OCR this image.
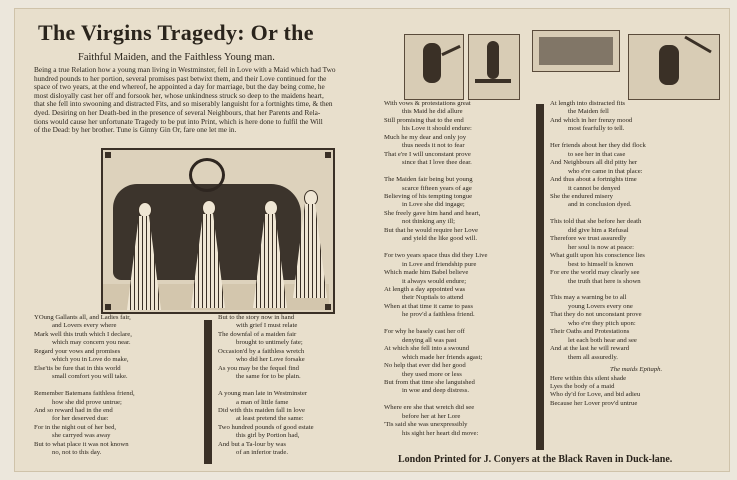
The Virgins Tragedy: Or the
Faithful Maiden, and the Faithless Young man.
Being a true Relation how a young man living in Westminster, fell in Love with a Maid which had Two
hundred pounds to her portion, several promises past betwixt them, and their Love continued for the
space of two years, at the end whereof, he appointed a day for marriage, but the day being come, he
most disloyally cast her off and forsook her, whose unkindness struck so deep to the maidens heart,
that she fell into swooning and distracted Fits, and so miserably languisht for a fortnights time, & then
dyed. Desiring on her Death-bed in the presence of several Neighbours, that her Parents and Rela-
tions would cause her unfortunate Tragedy to be put into Print, which is here done to fulfil the Will
of the Dead: by her brother. Tune is Ginny Gin Or, fare one let me in.
YOung Gallants all, and Ladies fair,
and Lovers every where
Mark well this truth which I declare,
which may concern you near.
Regard your vows and promises
which you in Love do make,
Else'tis be fure that in this world
small comfort you will take.

Remember Batemans faithless friend,
how she did prove untrue;
And so reward had in the end
for her deserved due:
For in the night out of her bed,
she carryed was away
But to what place it was not known
no, not to this day.
But to the story now in hand
with grief I must relate
The downfal of a maiden fair
brought to untimely fate;
Occasion'd by a faithless wretch
who did her Love forsake
As you may be the fequel find
the same for to be plain.

A young man late in Westminster
a man of little fame
Did with this maiden fall in love
at least pretend the same:
Two hundred pounds of good estate
this girl by Portion had,
And but a Ta-lour by was
of an inferior trade.
With vows & protestations great
this Maid he did allure
Still promising that to the end
his Love it should endure:
Much he my dear and only joy
thus needs it not to fear
That e're I will unconstant prove
since that I love thee dear.

The Maiden fair being but young
scarce fifteen years of age
Believing of his tempting tongue
in Love she did ingage;
She freely gave him hand and heart,
not thinking any ill;
But that he would require her Love
and yield the like good will.

For two years space thus did they Live
in Love and friendship pure
Which made him Babel believe
it always would endure;
At length a day appointed was
their Nuptials to attend
When at that time it came to pass
he prov'd a faithless friend.

For why he basely cast her off
denying all was past
At which she fell into a swound
which made her friends agast;
No help that ever did her good
they used more or less
But from that time she languished
in woe and deep distress.

Where ere she that wretch did see
before her at her Lore
'Tis said she was unexpressibly
his sight her heart did move:
At length into distracted fits
the Maiden fell
And which in her frenzy mood
most fearfully to tell.

Her friends about her they did flock
to see her in that case
And Neighbours all did pitty her
who e're came in that place:
And thus about a fortnights time
it cannot be denyed
She the endured misery
and in conclusion dyed.

This told that she before her death
did give him a Refusal
Therefore we trust assuredly
her soul is now at peace:
What guilt upon his conscience lies
best to himself is known
For ere the world may clearly see
the truth that here is shown

This may a warning be to all
young Lovers every one
That they do not unconstant prove
who e're they pitch upon:
Their Oaths and Protestations
let each both hear and see
And at the last he will reward
them all assuredly.
The maids Epitaph.
Here within this silent shade
Lyes the body of a maid
Who dy'd for Love, and bid adieu
Because her Lover prov'd untrue
London Printed for J. Conyers at the Black Raven in Duck-lane.
